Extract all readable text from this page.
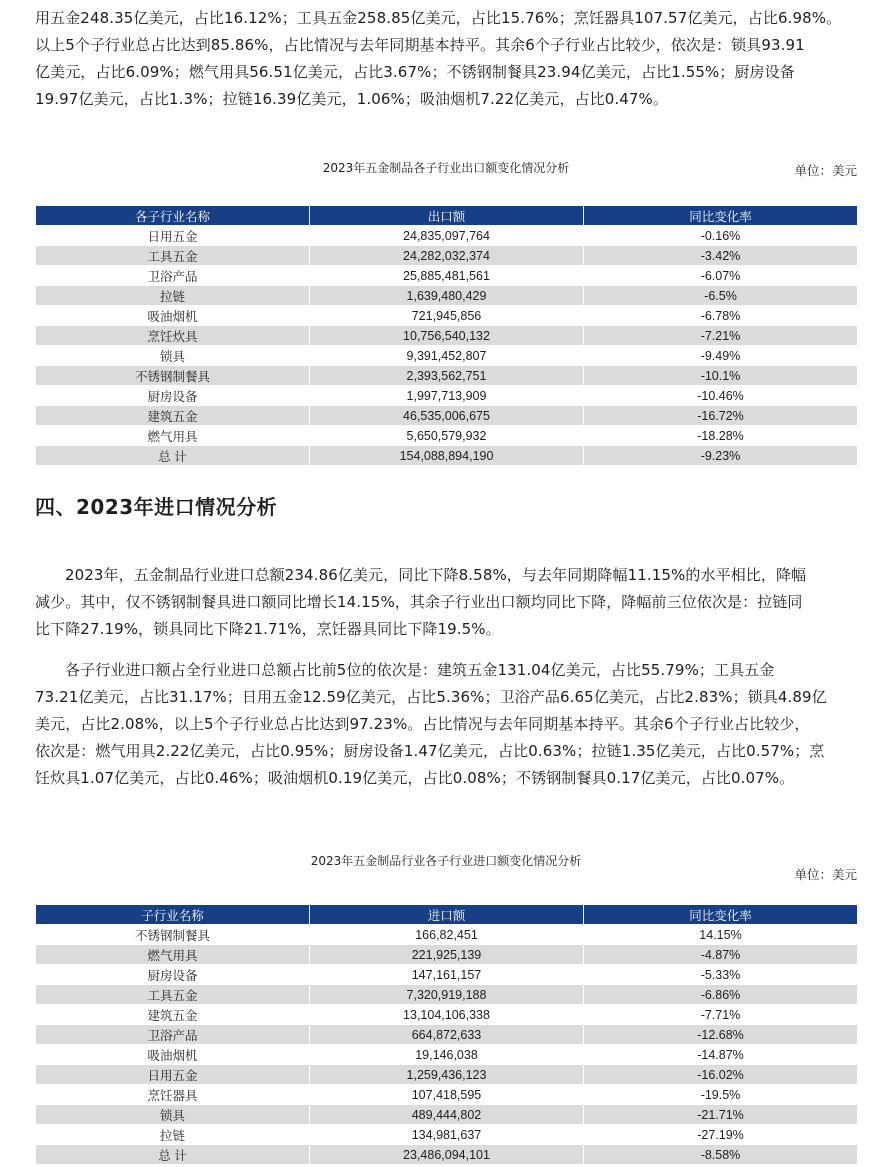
用五金248.35亿美元，占比16.12%；工具五金258.85亿美元，占比15.76%；烹饪器具107.57亿美元，占比6.98%。
以上5个子行业总占比达到85.86%，占比情况与去年同期基本持平。其余6个子行业占比较少，依次是：锁具93.91
亿美元，占比6.09%；燃气用具56.51亿美元，占比3.67%；不锈钢制餐具23.94亿美元，占比1.55%；厨房设备
19.97亿美元，占比1.3%；拉链16.39亿美元，1.06%；吸油烟机7.22亿美元，占比0.47%。

2023年五金制品各子行业出口额变化情况分析	单位：美元
各子行业名称	出口额	同比变化率
日用五金	24,835,097,764	-0.16%
工具五金	24,282,032,374	-3.42%
卫浴产品	25,885,481,561	-6.07%
拉链	1,639,480,429	-6.5%
吸油烟机	721,945,856	-6.78%
烹饪炊具	10,756,540,132	-7.21%
锁具	9,391,452,807	-9.49%
不锈钢制餐具	2,393,562,751	-10.1%
厨房设备	1,997,713,909	-10.46%
建筑五金	46,535,006,675	-16.72%
燃气用具	5,650,579,932	-18.28%
总 计	154,088,894,190	-9.23%
四、2023年进口情况分析

2023年，五金制品行业进口总额234.86亿美元，同比下降8.58%，与去年同期降幅11.15%的水平相比，降幅
减少。其中，仅不锈钢制餐具进口额同比增长14.15%，其余子行业出口额均同比下降，降幅前三位依次是：拉链同
比下降27.19%，锁具同比下降21.71%，烹饪器具同比下降19.5%。

各子行业进口额占全行业进口总额占比前5位的依次是：建筑五金131.04亿美元，占比55.79%；工具五金
73.21亿美元，占比31.17%；日用五金12.59亿美元，占比5.36%；卫浴产品6.65亿美元，占比2.83%；锁具4.89亿
美元，占比2.08%，以上5个子行业总占比达到97.23%。占比情况与去年同期基本持平。其余6个子行业占比较少，
依次是：燃气用具2.22亿美元，占比0.95%；厨房设备1.47亿美元，占比0.63%；拉链1.35亿美元，占比0.57%；烹
饪炊具1.07亿美元，占比0.46%；吸油烟机0.19亿美元，占比0.08%；不锈钢制餐具0.17亿美元，占比0.07%。

2023年五金制品行业各子行业进口额变化情况分析
单位：美元
子行业名称	进口额	同比变化率
不锈钢制餐具	166,82,451	14.15%
燃气用具	221,925,139	-4.87%
厨房设备	147,161,157	-5.33%
工具五金	7,320,919,188	-6.86%
建筑五金	13,104,106,338	-7.71%
卫浴产品	664,872,633	-12.68%
吸油烟机	19,146,038	-14.87%
日用五金	1,259,436,123	-16.02%
烹饪器具	107,418,595	-19.5%
锁具	489,444,802	-21.71%
拉链	134,981,637	-27.19%
总 计	23,486,094,101	-8.58%
